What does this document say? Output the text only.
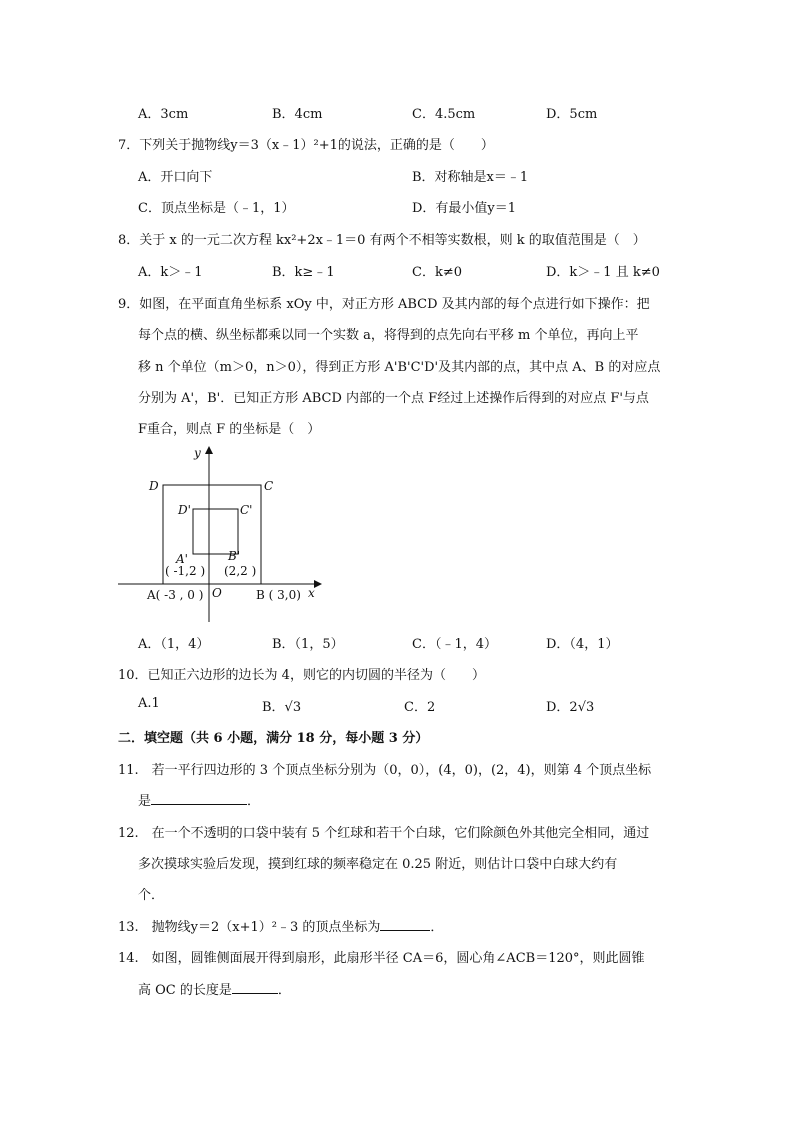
A．3cm	B．4cm	C．4.5cm	D．5cm
7．下列关于抛物线y＝3（x﹣1）²+1的说法，正确的是（　　）
A．开口向下	B．对称轴是x＝﹣1
C．顶点坐标是（﹣1，1）	D．有最小值y＝1
8．关于 x 的一元二次方程 kx²+2x﹣1＝0 有两个不相等实数根，则 k 的取值范围是（　）
A．k＞﹣1	B．k≥﹣1	C．k≠0	D．k＞﹣1 且 k≠0
9．如图，在平面直角坐标系 xOy 中，对正方形 ABCD 及其内部的每个点进行如下操作：把
每个点的横、纵坐标都乘以同一个实数 a，将得到的点先向右平移 m 个单位，再向上平
移 n 个单位（m＞0，n＞0），得到正方形 A'B'C'D'及其内部的点，其中点 A、B 的对应点
分别为 A'，B'．已知正方形 ABCD 内部的一个点 F经过上述操作后得到的对应点 F'与点
F重合，则点 F 的坐标是（　）
y
x
O
D	C
D'	C'
A'	B'
( -1,2 ) (2,2 )
A( -3 , 0 )	B ( 3,0)
A．（1，4）	B．（1，5）	C．（﹣1，4）	D．（4，1）
10．已知正六边形的边长为 4，则它的内切圆的半径为（　　）
A.1	B．√3	C．2	D．2√3
二．填空题（共 6 小题，满分 18 分，每小题 3 分）
11.　若一平行四边形的 3 个顶点坐标分别为（0，0），(4，0)，(2，4)，则第 4 个顶点坐标
是	．
12.　在一个不透明的口袋中装有 5 个红球和若干个白球，它们除颜色外其他完全相同，通过
多次摸球实验后发现，摸到红球的频率稳定在 0.25 附近，则估计口袋中白球大约有
个．
13.　抛物线y＝2（x+1）²﹣3 的顶点坐标为	．
14.　如图，圆锥侧面展开得到扇形，此扇形半径 CA＝6，圆心角∠ACB＝120°，则此圆锥
高 OC 的长度是	．
